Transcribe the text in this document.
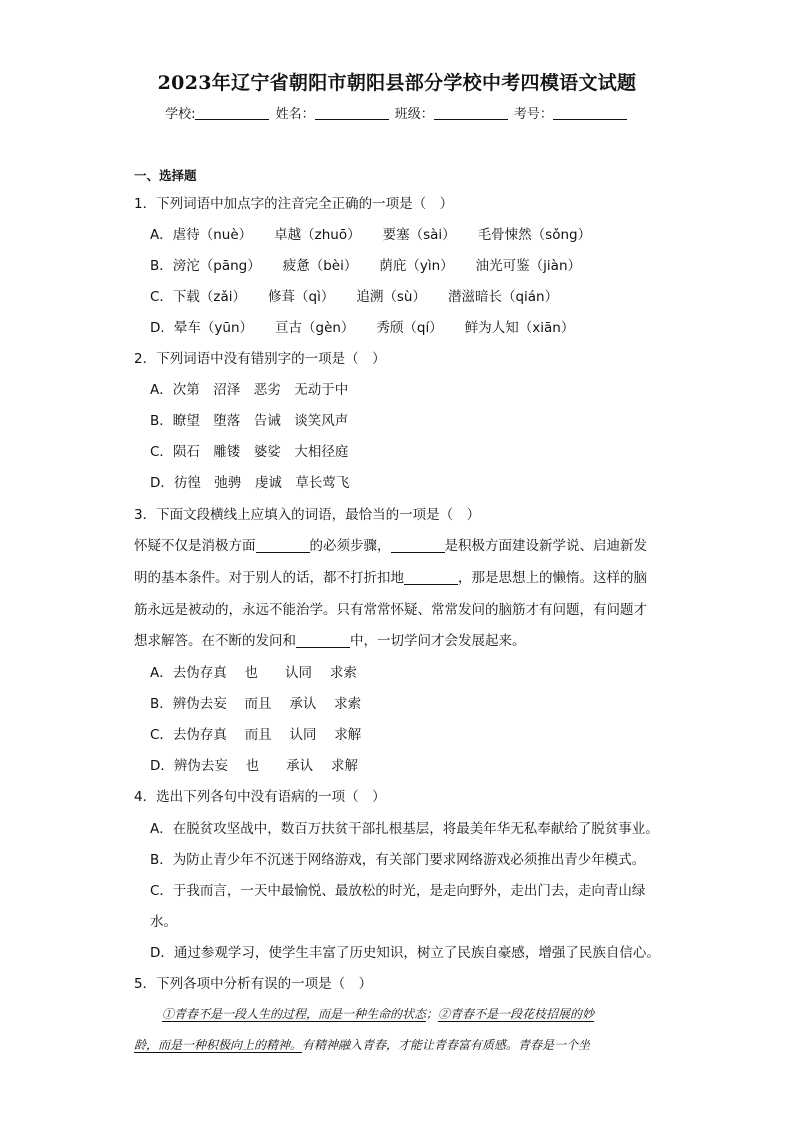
2023年辽宁省朝阳市朝阳县部分学校中考四模语文试题
学校:	姓名：	班级：	考号：
一、选择题
1．下列词语中加点字的注音完全正确的一项是（　）
A．虐待（nuè） 卓越（zhuō） 要塞（sài） 毛骨悚然（sǒng）
B．滂沱（pāng） 疲惫（bèi） 荫庇（yìn） 油光可鉴（jiàn）
C．下载（zǎi） 修葺（qì） 追溯（sù） 潜滋暗长（qián）
D．晕车（yūn） 亘古（gèn） 秀颀（qí） 鲜为人知（xiān）
2．下列词语中没有错别字的一项是（　）
A．次第　沼泽　恶劣　无动于中
B．瞭望　堕落　告诫　谈笑风声
C．陨石　雕镂　婆娑　大相径庭
D．彷徨　弛骋　虔诚　草长莺飞
3．下面文段横线上应填入的词语，最恰当的一项是（　）
怀疑不仅是消极方面	的必须步骤，	是积极方面建设新学说、启迪新发
明的基本条件。对于别人的话，都不打折扣地	，那是思想上的懒惰。这样的脑
筋永远是被动的，永远不能治学。只有常常怀疑、常常发问的脑筋才有问题，有问题才
想求解答。在不断的发问和	中，一切学问才会发展起来。
A．去伪存真　 也　　认同　 求索
B．辨伪去妄　 而且　 承认　 求索
C．去伪存真　 而且　 认同　 求解
D．辨伪去妄　 也　　承认　 求解
4．选出下列各句中没有语病的一项（　）
A．在脱贫攻坚战中，数百万扶贫干部扎根基层，将最美年华无私奉献给了脱贫事业。
B．为防止青少年不沉迷于网络游戏，有关部门要求网络游戏必须推出青少年模式。
C．于我而言，一天中最愉悦、最放松的时光，是走向野外，走出门去，走向青山绿
水。
D．通过参观学习，使学生丰富了历史知识，树立了民族自豪感，增强了民族自信心。
5．下列各项中分析有误的一项是（　）
①青春不是一段人生的过程，而是一种生命的状态；②青春不是一段花枝招展的妙
龄，而是一种积极向上的精神。有精神融入青春，才能让青春富有质感。青春是一个坐
